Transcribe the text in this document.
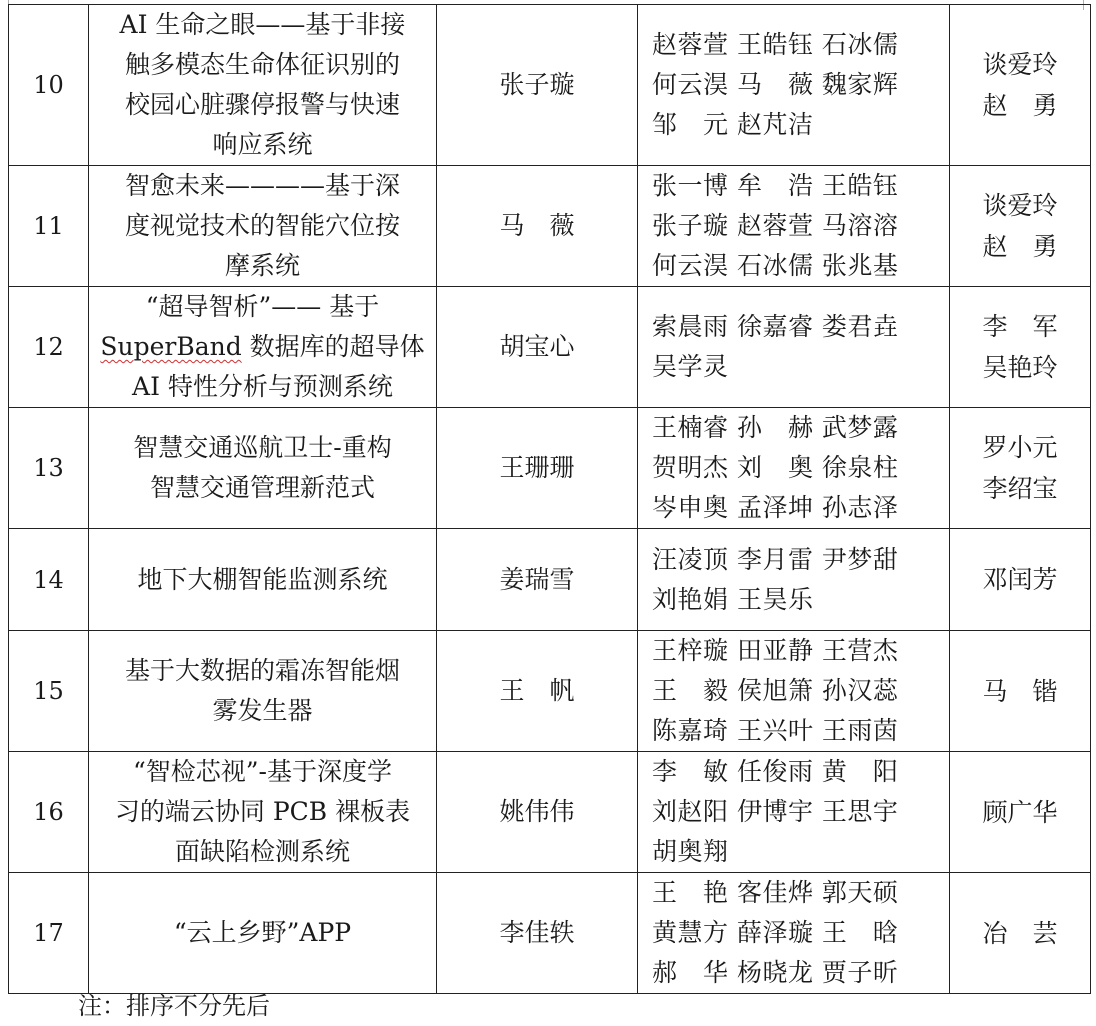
10	AI 生命之眼——基于非接
触多模态生命体征识别的
校园心脏骤停报警与快速
响应系统	张子璇	赵蓉萱 王皓钰 石冰儒
何云淏 马　薇 魏家辉
邹　元 赵芃洁	谈爱玲
赵　勇

11	智愈未来————基于深
度视觉技术的智能穴位按
摩系统	马　薇	张一博 牟　浩 王皓钰
张子璇 赵蓉萱 马溶溶
何云淏 石冰儒 张兆基	谈爱玲
赵　勇

12	“超导智析”—— 基于
SuperBand 数据库的超导体
AI 特性分析与预测系统	胡宝心	索晨雨 徐嘉睿 娄君垚
吴学灵	李　军
吴艳玲

13	智慧交通巡航卫士-重构
智慧交通管理新范式	王珊珊	王楠睿 孙　赫 武梦露
贺明杰 刘　奥 徐泉柱
岑申奥 孟泽坤 孙志泽	罗小元
李绍宝

14	地下大棚智能监测系统	姜瑞雪	汪凌顶 李月雷 尹梦甜
刘艳娟 王昊乐	邓闰芳

15	基于大数据的霜冻智能烟
雾发生器	王　帆	王梓璇 田亚静 王营杰
王　毅 侯旭箫 孙汉蕊
陈嘉琦 王兴叶 王雨茵	马　锴

16	“智检芯视”-基于深度学
习的端云协同 PCB 裸板表
面缺陷检测系统	姚伟伟	李　敏 任俊雨 黄　阳
刘赵阳 伊博宇 王思宇
胡奥翔	顾广华

17	“云上乡野”APP	李佳轶	王　艳 客佳烨 郭天硕
黄慧方 薛泽璇 王　晗
郝　华 杨晓龙 贾子昕	冶　芸
注：排序不分先后
